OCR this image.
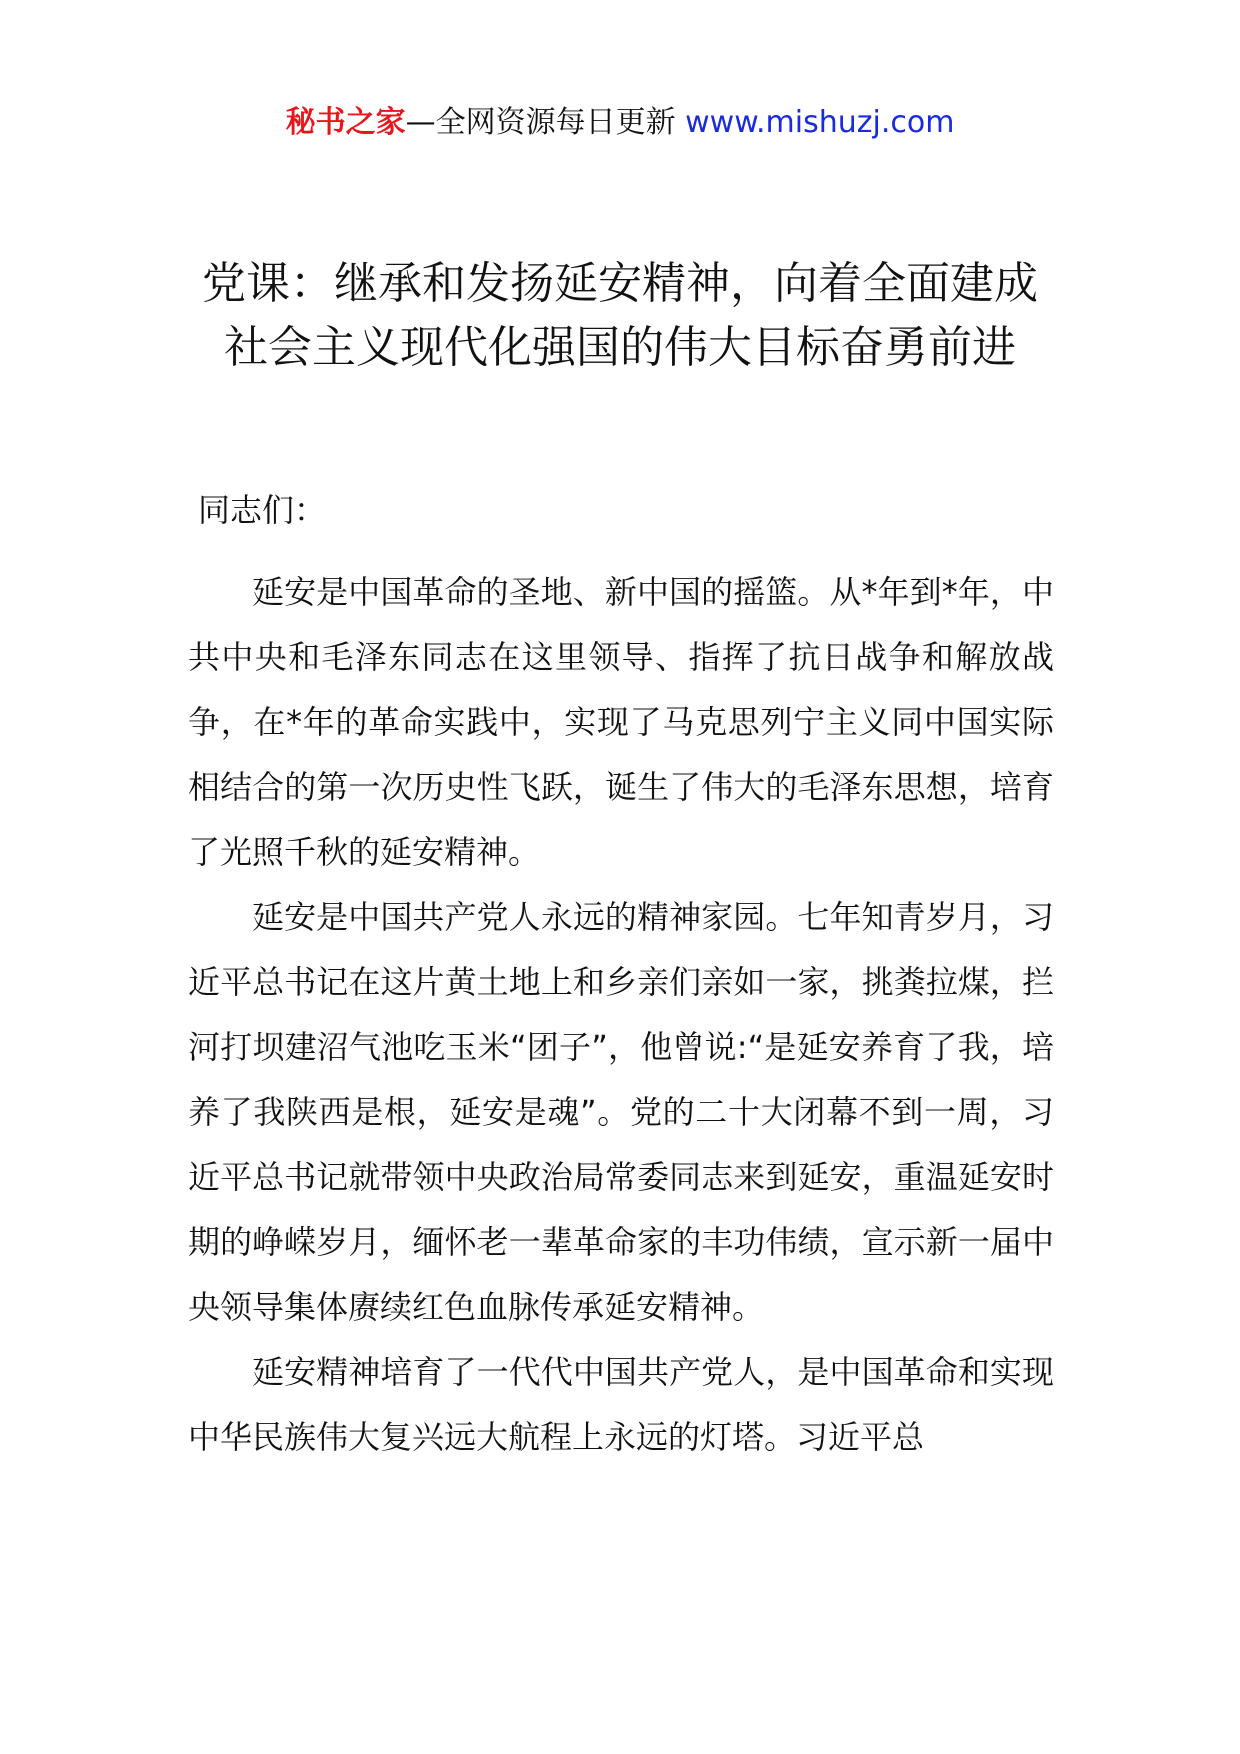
秘书之家—全网资源每日更新 www.mishuzj.com
党课：继承和发扬延安精神，向着全面建成社会主义现代化强国的伟大目标奋勇前进
同志们：

延安是中国革命的圣地、新中国的摇篮。从*年到*年，中共中央和毛泽东同志在这里领导、指挥了抗日战争和解放战争，在*年的革命实践中，实现了马克思列宁主义同中国实际相结合的第一次历史性飞跃，诞生了伟大的毛泽东思想，培育了光照千秋的延安精神。

延安是中国共产党人永远的精神家园。七年知青岁月，习近平总书记在这片黄土地上和乡亲们亲如一家，挑粪拉煤，拦河打坝建沼气池吃玉米“团子”，他曾说:“是延安养育了我，培养了我陕西是根，延安是魂”。党的二十大闭幕不到一周，习近平总书记就带领中央政治局常委同志来到延安，重温延安时期的峥嵘岁月，缅怀老一辈革命家的丰功伟绩，宣示新一届中央领导集体赓续红色血脉传承延安精神。

延安精神培育了一代代中国共产党人，是中国革命和实现中华民族伟大复兴远大航程上永远的灯塔。习近平总
